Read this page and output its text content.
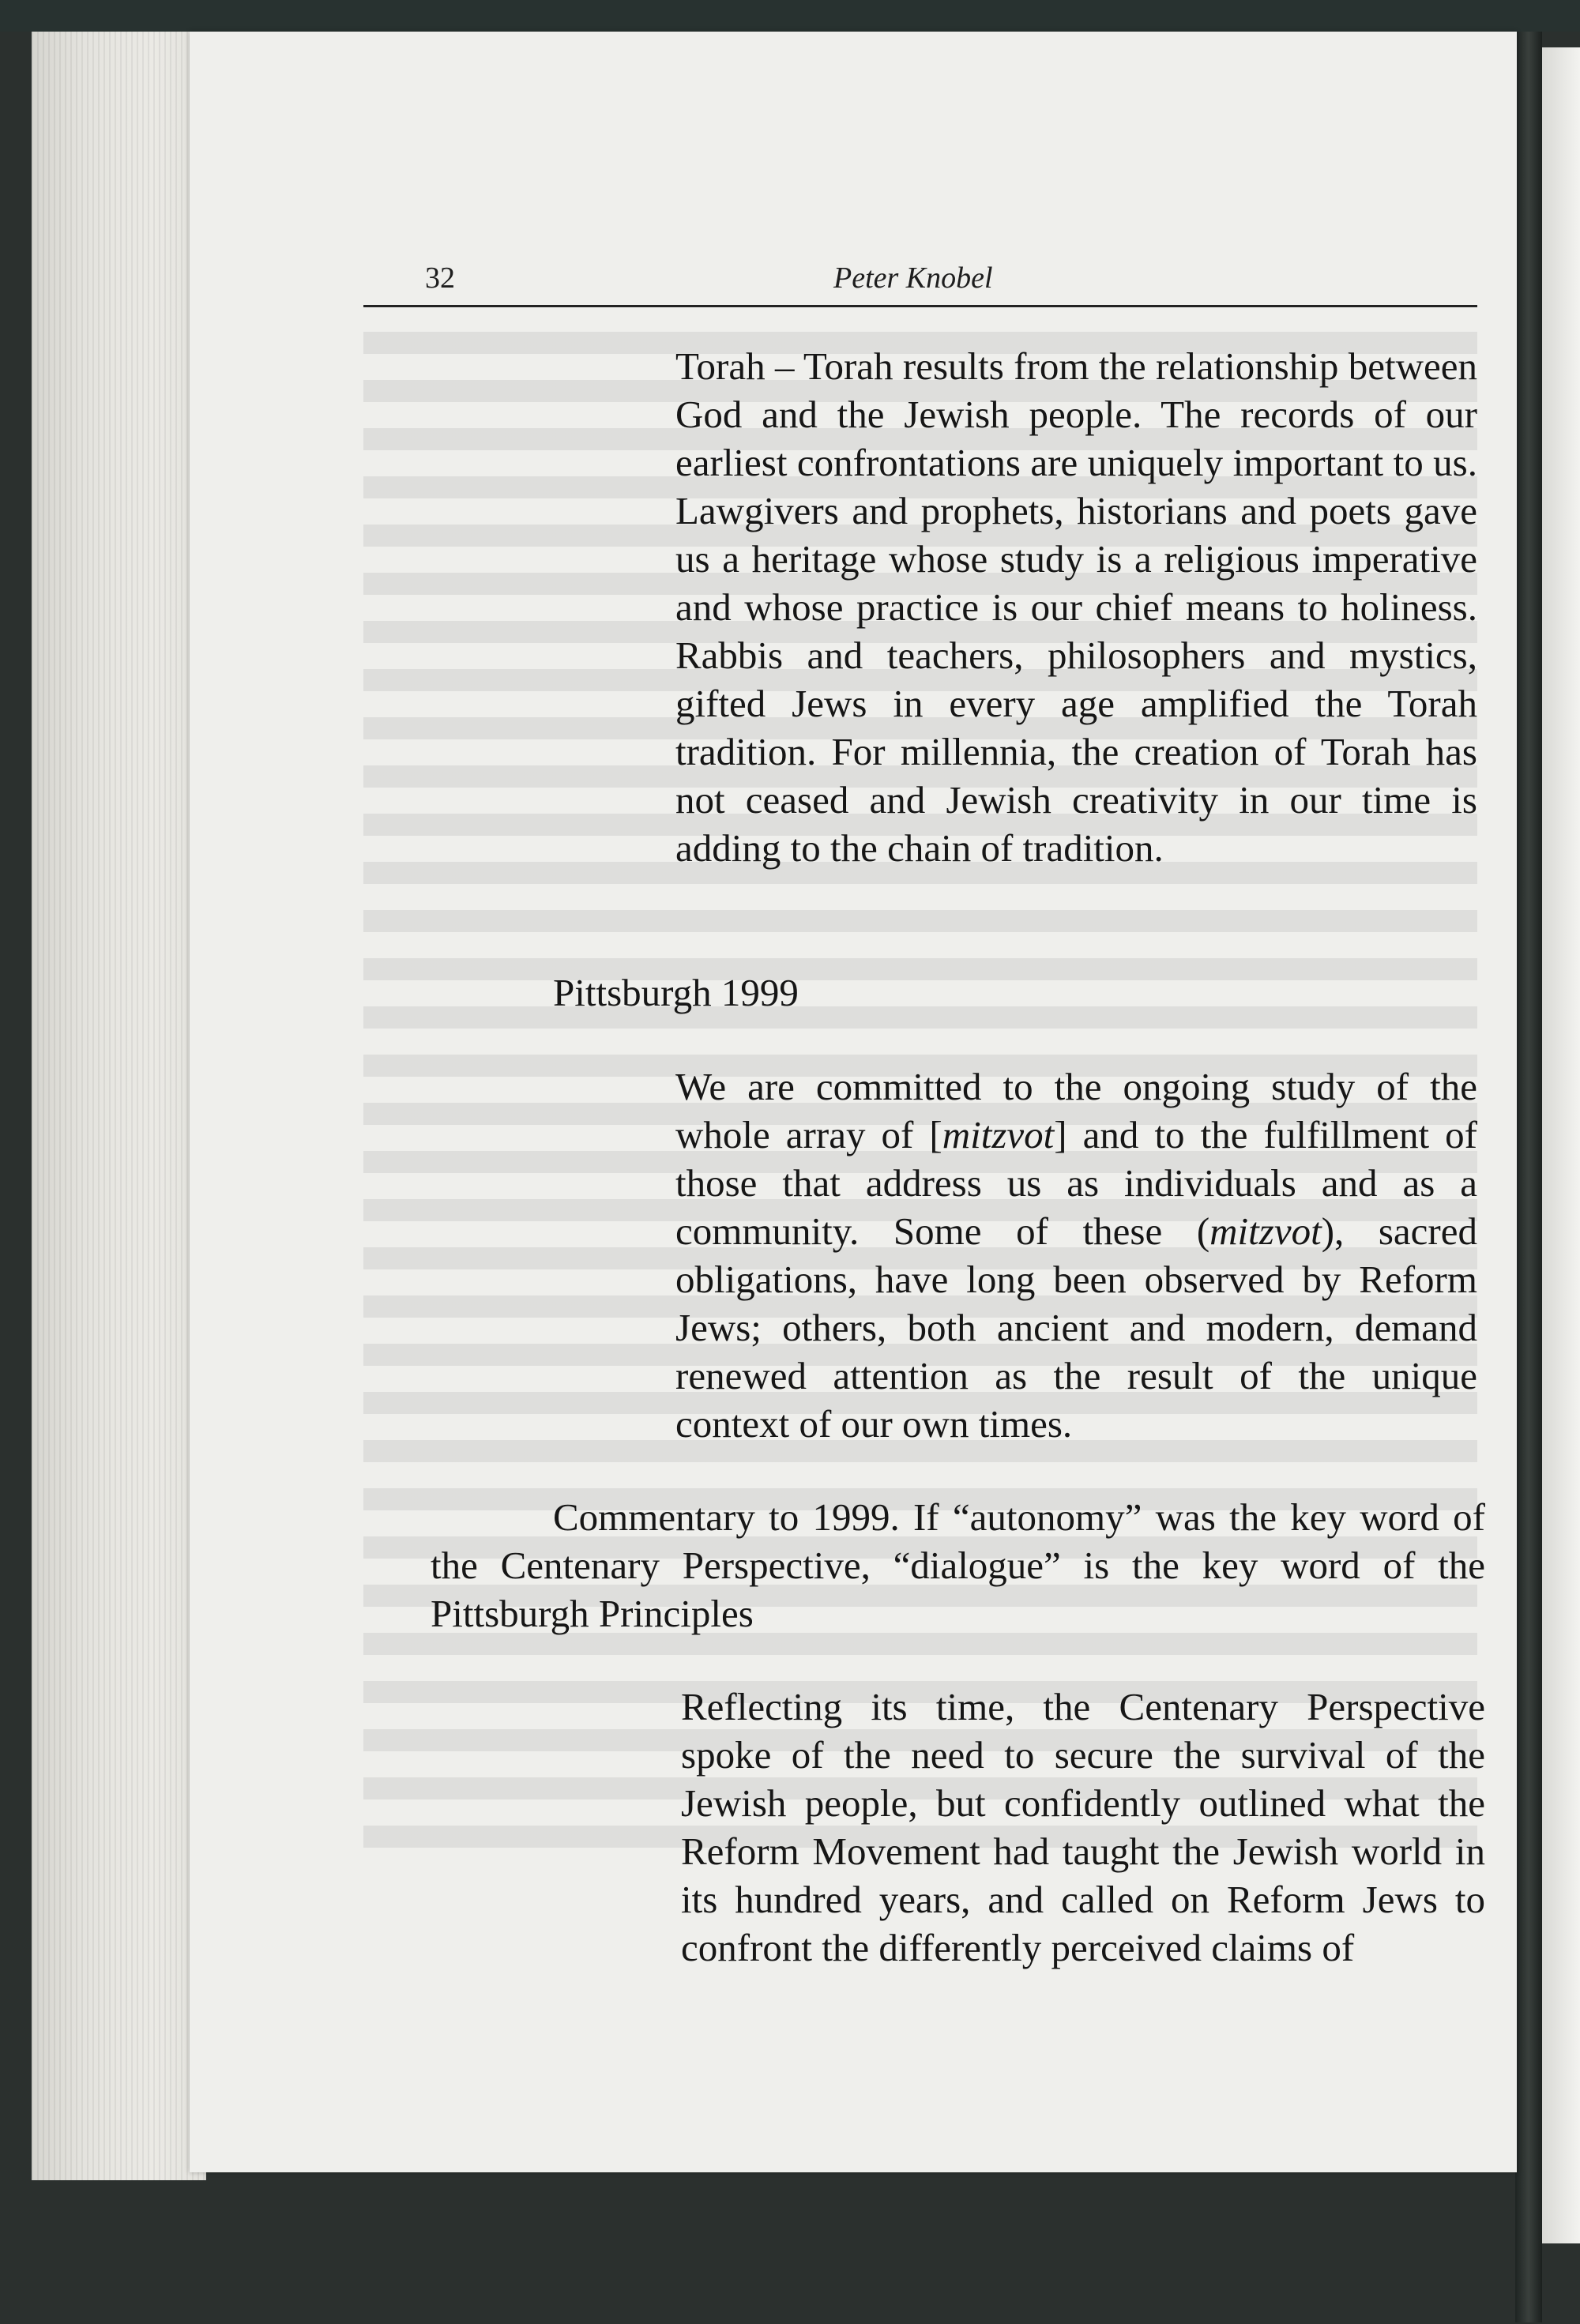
32	Peter Knobel

Torah – Torah results from the relationship between God and the Jewish people. The records of our earliest confrontations are uniquely important to us. Lawgivers and prophets, historians and poets gave us a heritage whose study is a religious imperative and whose practice is our chief means to holiness. Rabbis and teachers, philosophers and mystics, gifted Jews in every age amplified the Torah tradition. For millennia, the creation of Torah has not ceased and Jewish creativity in our time is adding to the chain of tradition.

Pittsburgh 1999

We are committed to the ongoing study of the whole array of [mitzvot] and to the fulfillment of those that address us as individuals and as a community. Some of these (mitzvot), sacred obligations, have long been observed by Reform Jews; others, both ancient and modern, demand renewed attention as the result of the unique context of our own times.

Commentary to 1999. If “autonomy” was the key word of the Centenary Perspective, “dialogue” is the key word of the Pittsburgh Principles

Reflecting its time, the Centenary Perspective spoke of the need to secure the survival of the Jewish people, but confidently outlined what the Reform Movement had taught the Jewish world in its hundred years, and called on Reform Jews to confront the differently perceived claims of
